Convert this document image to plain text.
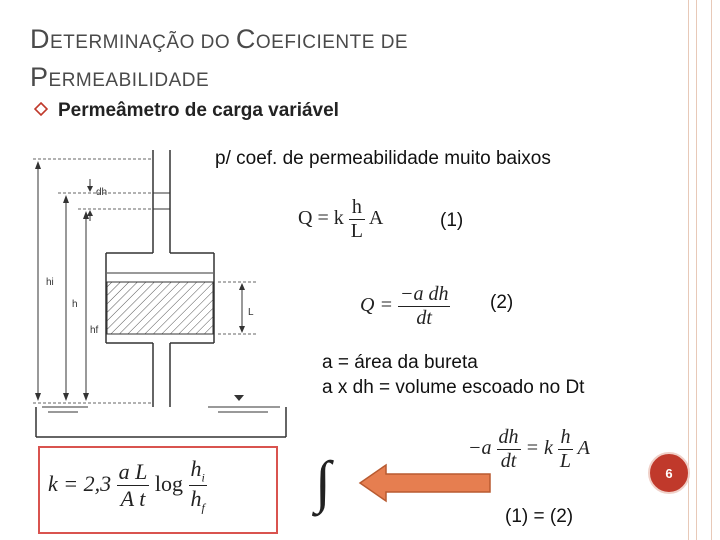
DETERMINAÇÃO DO COEFICIENTE DE
PERMEABILIDADE
Permeâmetro de carga variável
p/ coef. de permeabilidade muito baixos
dh
hi
h
hf
L
Q = k $\frac{h}{L}$ A	(1)
$Q = \frac{\text{−a dh}}{dt} (2)$
a = área da bureta
a x dh = volume escoado no Dt
$-a \frac{dh}{dt} = k \frac{h}{L}$ A
$k = 2,3 \frac{\text{a L}}{\text{A t}}$ $\log \frac{h_i}{h_f}$ ∫
(1) = (2)
6
